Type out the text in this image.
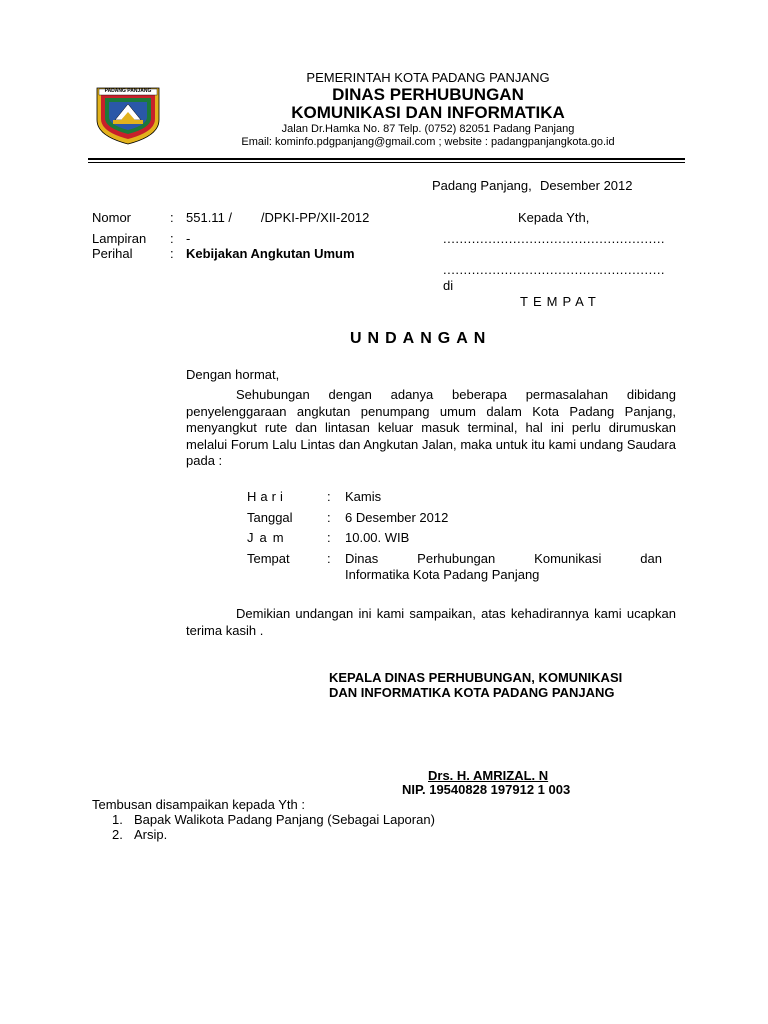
PADANG PANJANG
PEMERINTAH KOTA PADANG PANJANG
DINAS PERHUBUNGAN
KOMUNIKASI DAN INFORMATIKA
Jalan Dr.Hamka No. 87 Telp. (0752) 82051 Padang Panjang
Email: kominfo.pdgpanjang@gmail.com ; website : padangpanjangkota.go.id
Padang Panjang, Desember 2012
Nomor	: 551.11 /        /DPKI-PP/XII-2012
Lampiran : -
Perihal	: Kebijakan Angkutan Umum
Kepada Yth,
......................................................
......................................................
di
TEMPAT
UNDANGAN
Dengan hormat,
Sehubungan dengan adanya beberapa permasalahan dibidang penyelenggaraan angkutan penumpang umum dalam Kota Padang Panjang, menyangkut rute dan lintasan keluar masuk terminal, hal ini perlu dirumuskan melalui Forum Lalu Lintas dan Angkutan Jalan, maka untuk itu kami undang Saudara pada :
Hari	: Kamis
Tanggal	: 6 Desember 2012
Jam	: 10.00. WIB
Tempat	: Dinas Perhubungan Komunikasi dan
Informatika Kota Padang Panjang
Demikian undangan ini kami sampaikan, atas kehadirannya kami ucapkan terima kasih .
KEPALA DINAS PERHUBUNGAN, KOMUNIKASI
DAN INFORMATIKA KOTA PADANG PANJANG
Drs. H. AMRIZAL. N
NIP. 19540828 197912 1 003
Tembusan disampaikan kepada Yth :
1. Bapak Walikota Padang Panjang (Sebagai Laporan)
2. Arsip.
